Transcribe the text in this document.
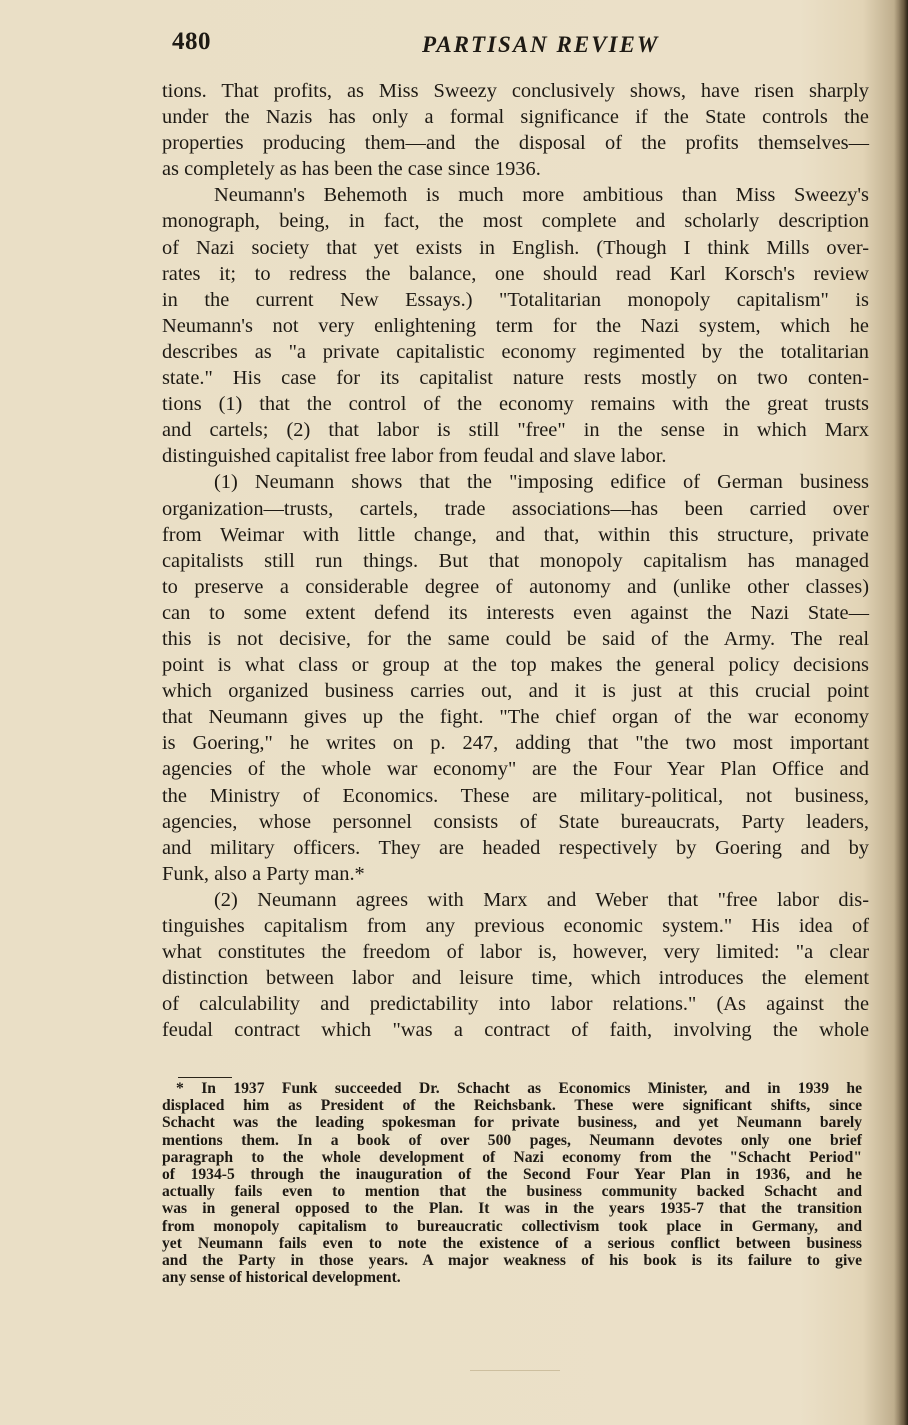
480	PARTISAN REVIEW
tions. That profits, as Miss Sweezy conclusively shows, have risen sharply
under the Nazis has only a formal significance if the State controls the
properties producing them—and the disposal of the profits themselves—
as completely as has been the case since 1936.
Neumann's Behemoth is much more ambitious than Miss Sweezy's
monograph, being, in fact, the most complete and scholarly description
of Nazi society that yet exists in English. (Though I think Mills over-
rates it; to redress the balance, one should read Karl Korsch's review
in the current New Essays.) "Totalitarian monopoly capitalism" is
Neumann's not very enlightening term for the Nazi system, which he
describes as "a private capitalistic economy regimented by the totalitarian
state." His case for its capitalist nature rests mostly on two conten-
tions (1) that the control of the economy remains with the great trusts
and cartels; (2) that labor is still "free" in the sense in which Marx
distinguished capitalist free labor from feudal and slave labor.
(1) Neumann shows that the "imposing edifice of German business
organization—trusts, cartels, trade associations—has been carried over
from Weimar with little change, and that, within this structure, private
capitalists still run things. But that monopoly capitalism has managed
to preserve a considerable degree of autonomy and (unlike other classes)
can to some extent defend its interests even against the Nazi State—
this is not decisive, for the same could be said of the Army. The real
point is what class or group at the top makes the general policy decisions
which organized business carries out, and it is just at this crucial point
that Neumann gives up the fight. "The chief organ of the war economy
is Goering," he writes on p. 247, adding that "the two most important
agencies of the whole war economy" are the Four Year Plan Office and
the Ministry of Economics. These are military-political, not business,
agencies, whose personnel consists of State bureaucrats, Party leaders,
and military officers. They are headed respectively by Goering and by
Funk, also a Party man.*
(2) Neumann agrees with Marx and Weber that "free labor dis-
tinguishes capitalism from any previous economic system." His idea of
what constitutes the freedom of labor is, however, very limited: "a clear
distinction between labor and leisure time, which introduces the element
of calculability and predictability into labor relations." (As against the
feudal contract which "was a contract of faith, involving the whole
* In 1937 Funk succeeded Dr. Schacht as Economics Minister, and in 1939 he
displaced him as President of the Reichsbank. These were significant shifts, since
Schacht was the leading spokesman for private business, and yet Neumann barely
mentions them. In a book of over 500 pages, Neumann devotes only one brief
paragraph to the whole development of Nazi economy from the "Schacht Period"
of 1934-5 through the inauguration of the Second Four Year Plan in 1936, and he
actually fails even to mention that the business community backed Schacht and
was in general opposed to the Plan. It was in the years 1935-7 that the transition
from monopoly capitalism to bureaucratic collectivism took place in Germany, and
yet Neumann fails even to note the existence of a serious conflict between business
and the Party in those years. A major weakness of his book is its failure to give
any sense of historical development.
